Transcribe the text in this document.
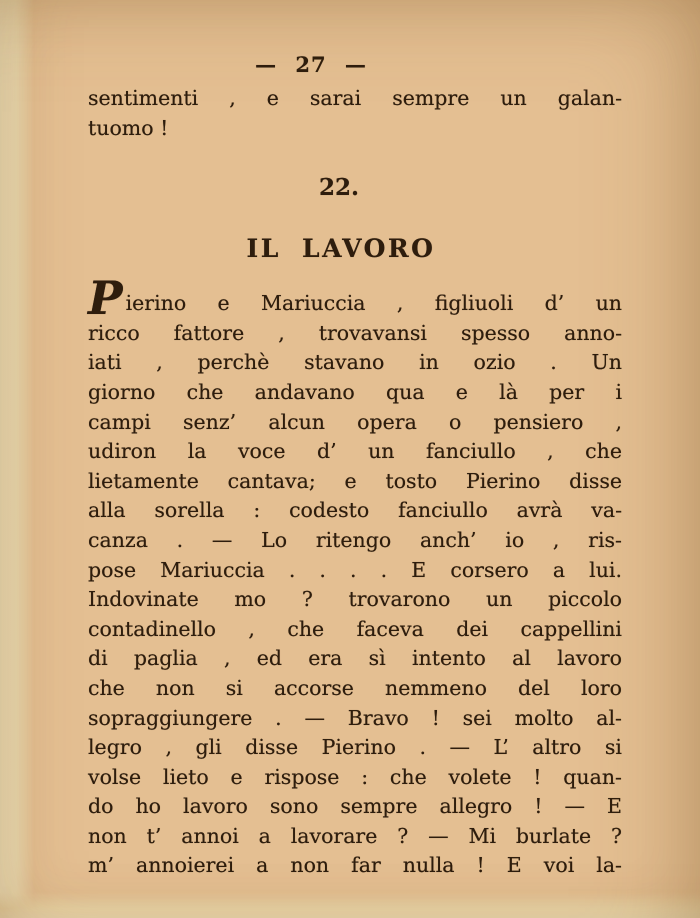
— 27 —
sentimenti , e sarai sempre un galan-
tuomo !
22.
IL LAVORO
Pierino e Mariuccia , figliuoli d’ un
ricco fattore , trovavansi spesso anno-
iati , perchè stavano in ozio . Un
giorno che andavano qua e là per i
campi senz’ alcun opera o pensiero ,
udiron la voce d’ un fanciullo , che
lietamente cantava; e tosto Pierino disse
alla sorella : codesto fanciullo avrà va-
canza . — Lo ritengo anch’ io , ris-
pose Mariuccia . . . . E corsero a lui.
Indovinate mo ? trovarono un piccolo
contadinello , che faceva dei cappellini
di paglia , ed era sì intento al lavoro
che non si accorse nemmeno del loro
sopraggiungere . — Bravo ! sei molto al-
legro , gli disse Pierino . — L’ altro si
volse lieto e rispose : che volete ! quan-
do ho lavoro sono sempre allegro ! — E
non t’ annoi a lavorare ? — Mi burlate ?
m’ annoierei a non far nulla ! E voi la-
